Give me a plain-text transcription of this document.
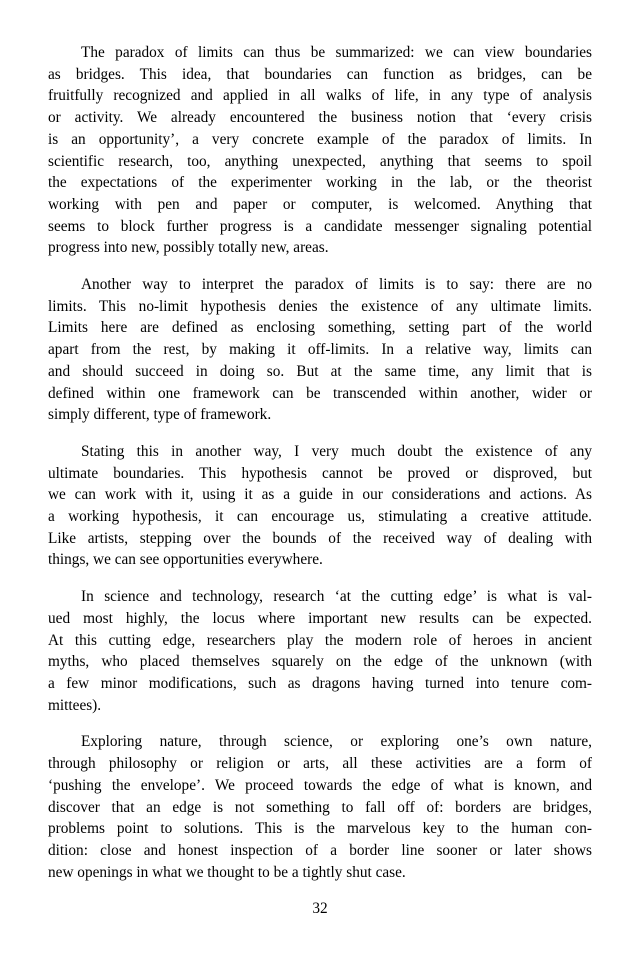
The paradox of limits can thus be summarized: we can view boundaries
as bridges. This idea, that boundaries can function as bridges, can be
fruitfully recognized and applied in all walks of life, in any type of analysis
or activity. We already encountered the business notion that ‘every crisis
is an opportunity’, a very concrete example of the paradox of limits. In
scientific research, too, anything unexpected, anything that seems to spoil
the expectations of the experimenter working in the lab, or the theorist
working with pen and paper or computer, is welcomed. Anything that
seems to block further progress is a candidate messenger signaling potential
progress into new, possibly totally new, areas.

Another way to interpret the paradox of limits is to say: there are no
limits. This no-limit hypothesis denies the existence of any ultimate limits.
Limits here are defined as enclosing something, setting part of the world
apart from the rest, by making it off-limits. In a relative way, limits can
and should succeed in doing so. But at the same time, any limit that is
defined within one framework can be transcended within another, wider or
simply different, type of framework.

Stating this in another way, I very much doubt the existence of any
ultimate boundaries. This hypothesis cannot be proved or disproved, but
we can work with it, using it as a guide in our considerations and actions. As
a working hypothesis, it can encourage us, stimulating a creative attitude.
Like artists, stepping over the bounds of the received way of dealing with
things, we can see opportunities everywhere.

In science and technology, research ‘at the cutting edge’ is what is val-
ued most highly, the locus where important new results can be expected.
At this cutting edge, researchers play the modern role of heroes in ancient
myths, who placed themselves squarely on the edge of the unknown (with
a few minor modifications, such as dragons having turned into tenure com-
mittees).

Exploring nature, through science, or exploring one’s own nature,
through philosophy or religion or arts, all these activities are a form of
‘pushing the envelope’. We proceed towards the edge of what is known, and
discover that an edge is not something to fall off of: borders are bridges,
problems point to solutions. This is the marvelous key to the human con-
dition: close and honest inspection of a border line sooner or later shows
new openings in what we thought to be a tightly shut case.

32
